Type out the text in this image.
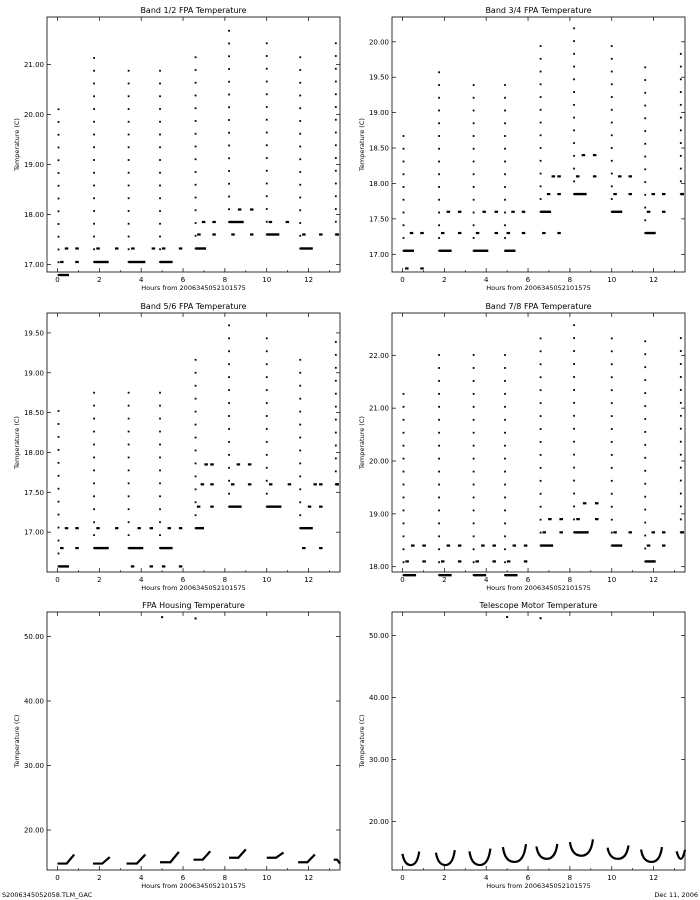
Band 1/2 FPA Temperature
0	2	4	6	8	10	12
17.00
18.00
19.00
20.00
21.00
Hours from 2006345052101575
Temperature (C)
Band 3/4 FPA Temperature
0	2	4	6	8	10	12
17.00
17.50
18.00
18.50
19.00
19.50
20.00
Hours from 2006345052101575
Temperature (C)
Band 5/6 FPA Temperature
0	2	4	6	8	10	12
17.00
17.50
18.00
18.50
19.00
19.50
Hours from 2006345052101575
Temperature (C)
Band 7/8 FPA Temperature
0	2	4	6	8	10	12
18.00
19.00
20.00
21.00
22.00
Hours from 2006345052101575
Temperature (C)
FPA Housing Temperature
0	2	4	6	8	10	12
20.00
30.00
40.00
50.00
Hours from 2006345052101575
Temperature (C)
Telescope Motor Temperature
0	2	4	6	8	10	12
20.00
30.00
40.00
50.00
Hours from 2006345052101575
Temperature (C)
S2006345052058.TLM_GAC	Dec 11, 2006
